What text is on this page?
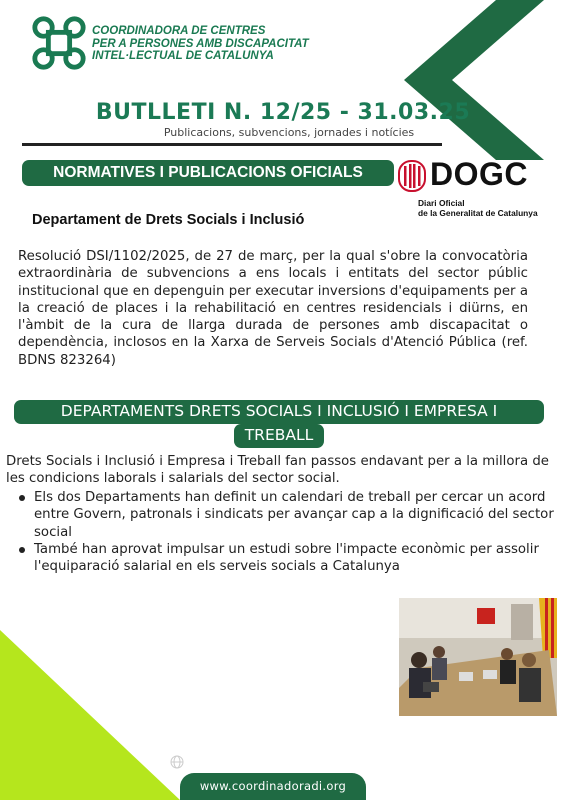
COORDINADORA DE CENTRES
PER A PERSONES AMB DISCAPACITAT
INTEL·LECTUAL DE CATALUNYA
BUTLLETI N. 12/25 - 31.03.25
Publicacions, subvencions, jornades i notícies
NORMATIVES I PUBLICACIONS OFICIALS	DOGC
Diari Oficial
de la Generalitat de Catalunya
Departament de Drets Socials i Inclusió
Resolució DSI/1102/2025, de 27 de març, per la qual s'obre la convocatòria extraordinària de subvencions a ens locals i entitats del sector públic institucional que en depenguin per executar inversions d'equipaments per a la creació de places i la rehabilitació en centres residencials i diürns, en l'àmbit de la cura de llarga durada de persones amb discapacitat o dependència, inclosos en la Xarxa de Serveis Socials d'Atenció Pública (ref. BDNS 823264)
DEPARTAMENTS DRETS SOCIALS I INCLUSIÓ I EMPRESA I
TREBALL
Drets Socials i Inclusió i Empresa i Treball fan passos endavant per a la millora de les condicions laborals i salarials del sector social.
Els dos Departaments han definit un calendari de treball per cercar un acord entre Govern, patronals i sindicats per avançar cap a la dignificació del sector social
També han aprovat impulsar un estudi sobre l'impacte econòmic per assolir l'equiparació salarial en els serveis socials a Catalunya
www.coordinadoradi.org
